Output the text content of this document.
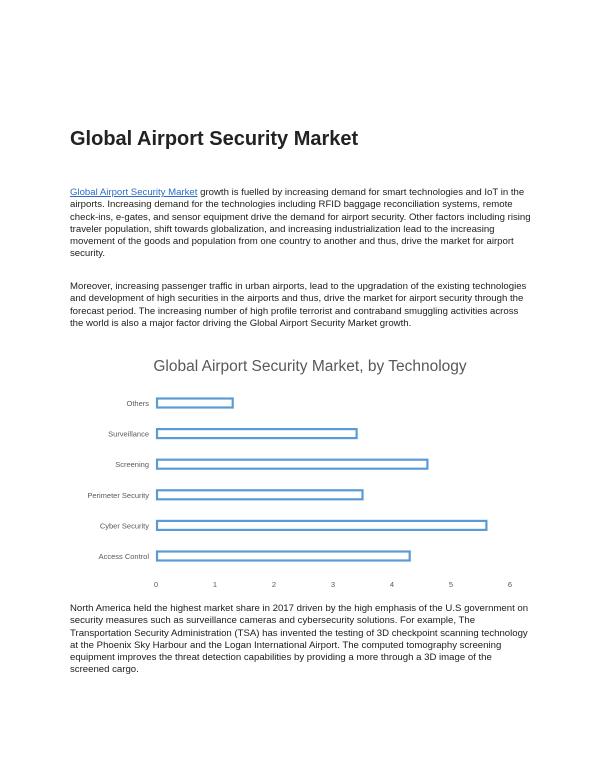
Global Airport Security Market

Global Airport Security Market growth is fuelled by increasing demand for smart technologies and IoT in the airports. Increasing demand for the technologies including RFID baggage reconciliation systems, remote check-ins, e-gates, and sensor equipment drive the demand for airport security. Other factors including rising traveler population, shift towards globalization, and increasing industrialization lead to the increasing movement of the goods and population from one country to another and thus, drive the market for airport security.

Moreover, increasing passenger traffic in urban airports, lead to the upgradation of the existing technologies and development of high securities in the airports and thus, drive the market for airport security through the forecast period. The increasing number of high profile terrorist and contraband smuggling activities across the world is also a major factor driving the Global Airport Security Market growth.

Global Airport Security Market, by Technology
Others
Surveillance
Screening
Perimeter Security
Cyber Security
Access Control
0	1	2	3	4	5	6

North America held the highest market share in 2017 driven by the high emphasis of the U.S government on security measures such as surveillance cameras and cybersecurity solutions. For example, The Transportation Security Administration (TSA) has invented the testing of 3D checkpoint scanning technology at the Phoenix Sky Harbour and the Logan International Airport. The computed tomography screening equipment improves the threat detection capabilities by providing a more through a 3D image of the screened cargo.
